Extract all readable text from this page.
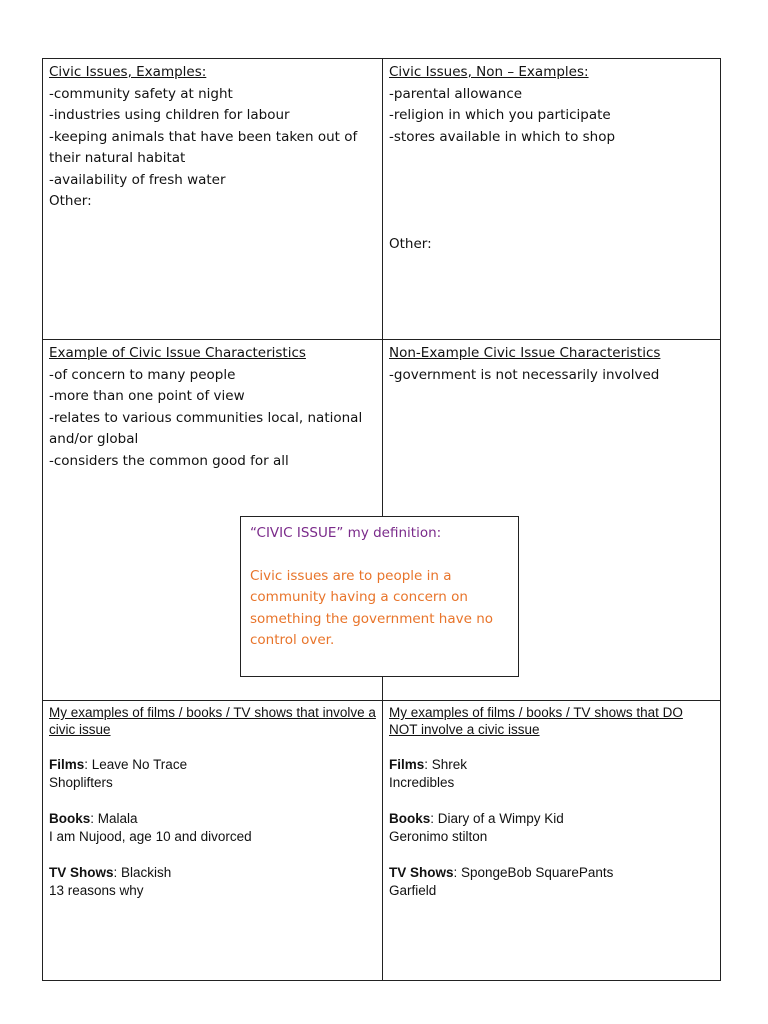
Civic Issues, Examples:
-community safety at night
-industries using children for labour
-keeping animals that have been taken out of their natural habitat
-availability of fresh water
Other:
Civic Issues, Non – Examples:
-parental allowance
-religion in which you participate
-stores available in which to shop
Other:
Example of Civic Issue Characteristics
-of concern to many people
-more than one point of view
-relates to various communities local, national and/or global
-considers the common good for all
Non-Example Civic Issue Characteristics
-government is not necessarily involved
My examples of films / books / TV shows that involve a civic issue
Films: Leave No Trace
Shoplifters
Books: Malala
I am Nujood, age 10 and divorced
TV Shows: Blackish
13 reasons why
My examples of films / books / TV shows that DO NOT involve a civic issue
Films: Shrek
Incredibles
Books: Diary of a Wimpy Kid
Geronimo stilton
TV Shows: SpongeBob SquarePants
Garfield
“CIVIC ISSUE” my definition:
Civic issues are to people in a community having a concern on something the government have no control over.
